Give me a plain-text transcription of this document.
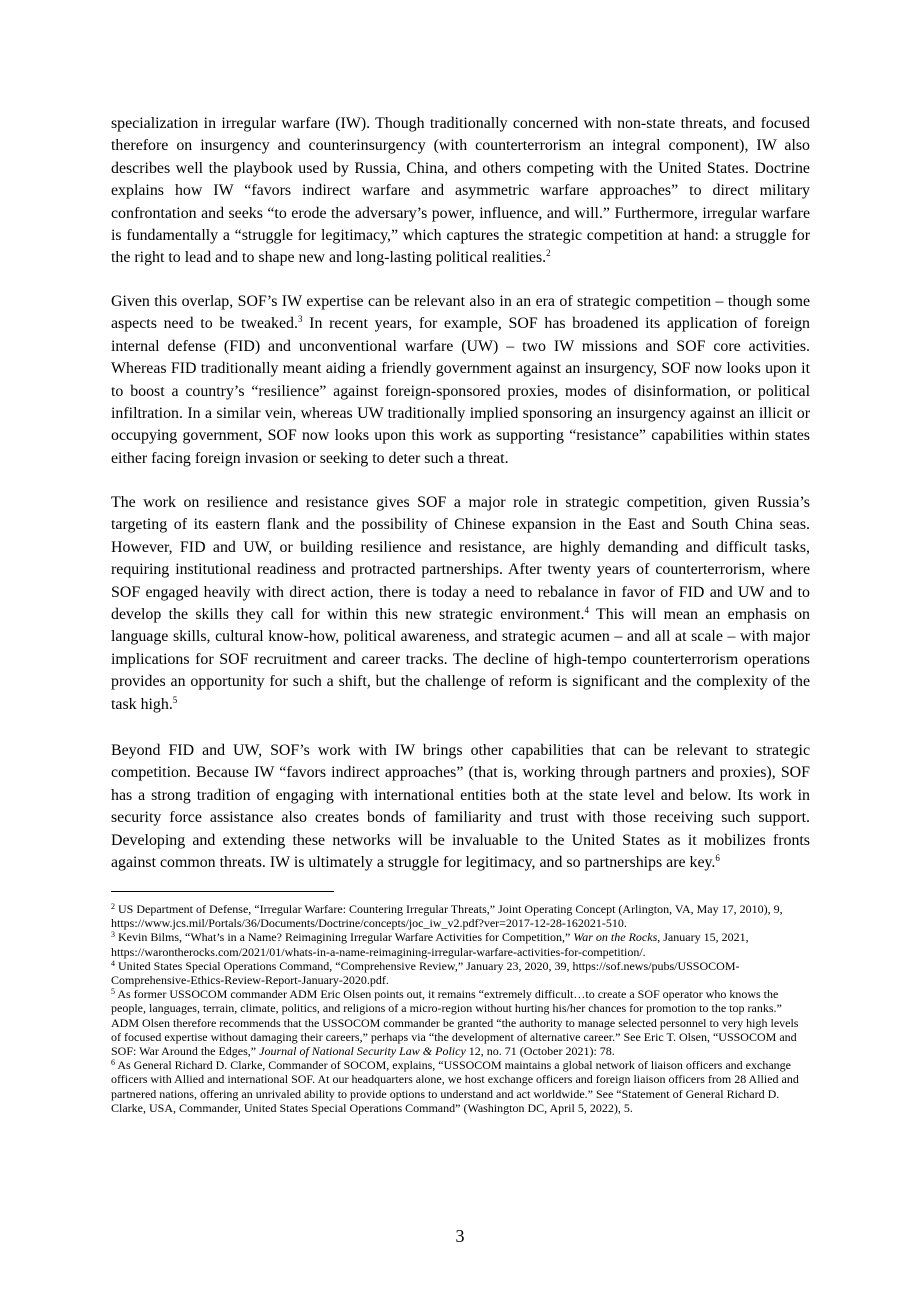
specialization in irregular warfare (IW). Though traditionally concerned with non-state threats, and focused therefore on insurgency and counterinsurgency (with counterterrorism an integral component), IW also describes well the playbook used by Russia, China, and others competing with the United States. Doctrine explains how IW “favors indirect warfare and asymmetric warfare approaches” to direct military confrontation and seeks “to erode the adversary’s power, influence, and will.” Furthermore, irregular warfare is fundamentally a “struggle for legitimacy,” which captures the strategic competition at hand: a struggle for the right to lead and to shape new and long-lasting political realities.$^2$

Given this overlap, SOF’s IW expertise can be relevant also in an era of strategic competition – though some aspects need to be tweaked.$^3$ In recent years, for example, SOF has broadened its application of foreign internal defense (FID) and unconventional warfare (UW) – two IW missions and SOF core activities. Whereas FID traditionally meant aiding a friendly government against an insurgency, SOF now looks upon it to boost a country’s “resilience” against foreign-sponsored proxies, modes of disinformation, or political infiltration. In a similar vein, whereas UW traditionally implied sponsoring an insurgency against an illicit or occupying government, SOF now looks upon this work as supporting “resistance” capabilities within states either facing foreign invasion or seeking to deter such a threat.

The work on resilience and resistance gives SOF a major role in strategic competition, given Russia’s targeting of its eastern flank and the possibility of Chinese expansion in the East and South China seas. However, FID and UW, or building resilience and resistance, are highly demanding and difficult tasks, requiring institutional readiness and protracted partnerships. After twenty years of counterterrorism, where SOF engaged heavily with direct action, there is today a need to rebalance in favor of FID and UW and to develop the skills they call for within this new strategic environment.$^4$ This will mean an emphasis on language skills, cultural know-how, political awareness, and strategic acumen – and all at scale – with major implications for SOF recruitment and career tracks. The decline of high-tempo counterterrorism operations provides an opportunity for such a shift, but the challenge of reform is significant and the complexity of the task high.$^5$

Beyond FID and UW, SOF’s work with IW brings other capabilities that can be relevant to strategic competition. Because IW “favors indirect approaches” (that is, working through partners and proxies), SOF has a strong tradition of engaging with international entities both at the state level and below. Its work in security force assistance also creates bonds of familiarity and trust with those receiving such support. Developing and extending these networks will be invaluable to the United States as it mobilizes fronts against common threats. IW is ultimately a struggle for legitimacy, and so partnerships are key.$^6$

$^2$ US Department of Defense, “Irregular Warfare: Countering Irregular Threats,” Joint Operating Concept (Arlington, VA, May 17, 2010), 9, https://www.jcs.mil/Portals/36/Documents/Doctrine/concepts/joc_iw_v2.pdf?ver=2017-12-28-162021-510.

$^3$ Kevin Bilms, “What’s in a Name? Reimagining Irregular Warfare Activities for Competition,” War on the Rocks, January 15, 2021, https://warontherocks.com/2021/01/whats-in-a-name-reimagining-irregular-warfare-activities-for-competition/.

$^4$ United States Special Operations Command, “Comprehensive Review,” January 23, 2020, 39, https://sof.news/pubs/USSOCOM-Comprehensive-Ethics-Review-Report-January-2020.pdf.

$^5$ As former USSOCOM commander ADM Eric Olsen points out, it remains “extremely difficult…to create a SOF operator who knows the people, languages, terrain, climate, politics, and religions of a micro-region without hurting his/her chances for promotion to the top ranks.” ADM Olsen therefore recommends that the USSOCOM commander be granted “the authority to manage selected personnel to very high levels of focused expertise without damaging their careers,” perhaps via “the development of alternative career.” See Eric T. Olsen, “USSOCOM and SOF: War Around the Edges,” Journal of National Security Law & Policy 12, no. 71 (October 2021): 78.

$^6$ As General Richard D. Clarke, Commander of SOCOM, explains, “USSOCOM maintains a global network of liaison officers and exchange officers with Allied and international SOF. At our headquarters alone, we host exchange officers and foreign liaison officers from 28 Allied and partnered nations, offering an unrivaled ability to provide options to understand and act worldwide.” See “Statement of General Richard D. Clarke, USA, Commander, United States Special Operations Command” (Washington DC, April 5, 2022), 5.

3
